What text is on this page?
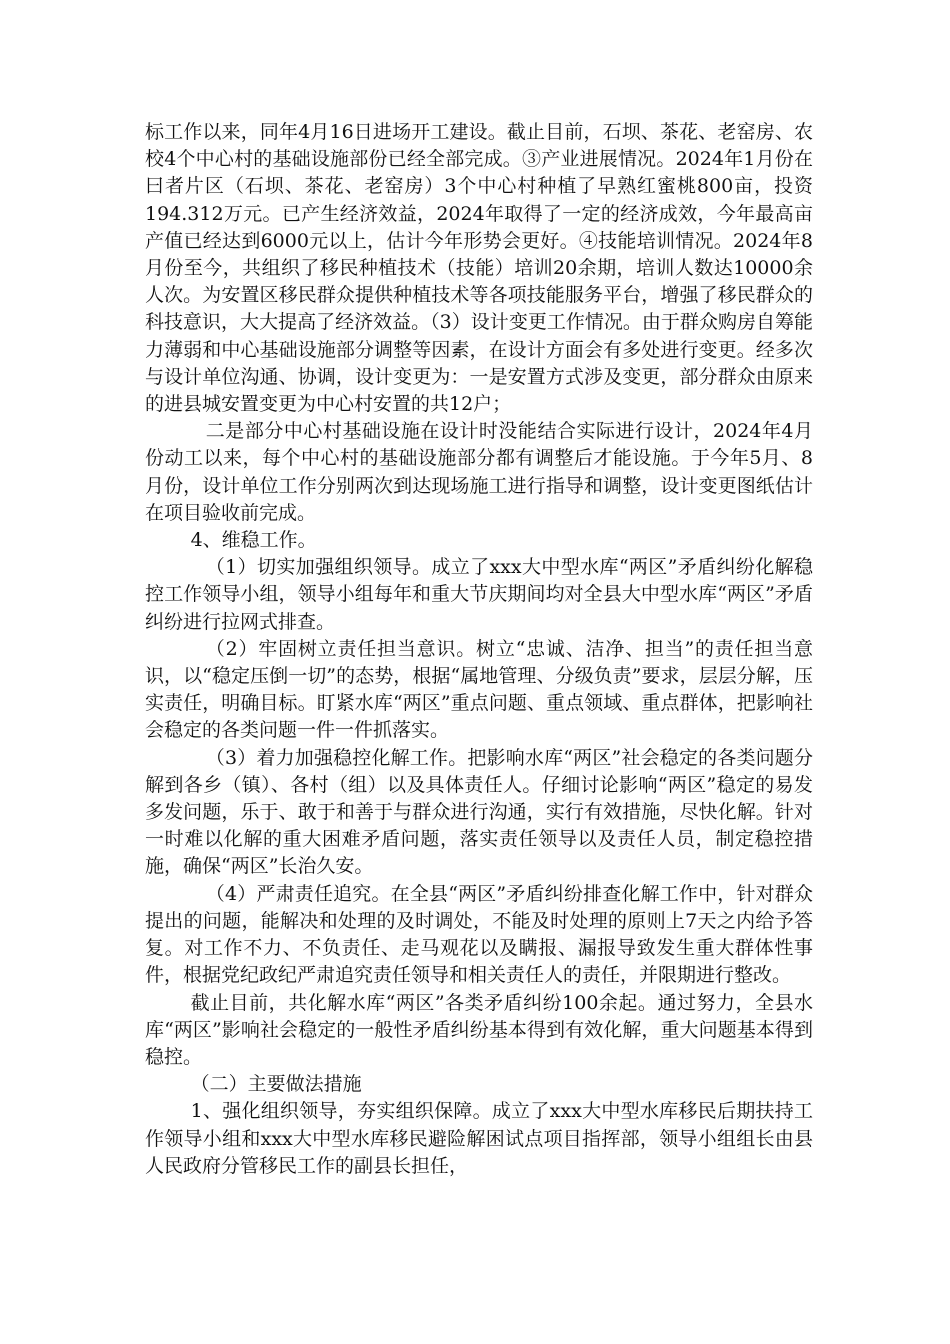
标工作以来，同年4月16日进场开工建设。截止目前，石坝、茶花、老窑房、农校4个中心村的基础设施部份已经全部完成。③产业进展情况。2024年1月份在曰者片区（石坝、茶花、老窑房）3个中心村种植了早熟红蜜桃800亩，投资194.312万元。已产生经济效益，2024年取得了一定的经济成效，今年最高亩产值已经达到6000元以上，估计今年形势会更好。④技能培训情况。2024年8月份至今，共组织了移民种植技术（技能）培训20余期，培训人数达10000余人次。为安置区移民群众提供种植技术等各项技能服务平台，增强了移民群众的科技意识，大大提高了经济效益。（3）设计变更工作情况。由于群众购房自筹能力薄弱和中心基础设施部分调整等因素，在设计方面会有多处进行变更。经多次与设计单位沟通、协调，设计变更为：一是安置方式涉及变更，部分群众由原来的进县城安置变更为中心村安置的共12户；

二是部分中心村基础设施在设计时没能结合实际进行设计，2024年4月份动工以来，每个中心村的基础设施部分都有调整后才能设施。于今年5月、8月份，设计单位工作分别两次到达现场施工进行指导和调整，设计变更图纸估计在项目验收前完成。

4、维稳工作。

（1）切实加强组织领导。成立了xxx大中型水库“两区”矛盾纠纷化解稳控工作领导小组，领导小组每年和重大节庆期间均对全县大中型水库“两区”矛盾纠纷进行拉网式排查。

（2）牢固树立责任担当意识。树立“忠诚、洁净、担当”的责任担当意识，以“稳定压倒一切”的态势，根据“属地管理、分级负责”要求，层层分解，压实责任，明确目标。盯紧水库“两区”重点问题、重点领域、重点群体，把影响社会稳定的各类问题一件一件抓落实。

（3）着力加强稳控化解工作。把影响水库“两区”社会稳定的各类问题分解到各乡（镇）、各村（组）以及具体责任人。仔细讨论影响“两区”稳定的易发多发问题，乐于、敢于和善于与群众进行沟通，实行有效措施，尽快化解。针对一时难以化解的重大困难矛盾问题，落实责任领导以及责任人员，制定稳控措施，确保“两区”长治久安。

（4）严肃责任追究。在全县“两区”矛盾纠纷排查化解工作中，针对群众提出的问题，能解决和处理的及时调处，不能及时处理的原则上7天之内给予答复。对工作不力、不负责任、走马观花以及瞒报、漏报导致发生重大群体性事件，根据党纪政纪严肃追究责任领导和相关责任人的责任，并限期进行整改。

截止目前，共化解水库“两区”各类矛盾纠纷100余起。通过努力，全县水库“两区”影响社会稳定的一般性矛盾纠纷基本得到有效化解，重大问题基本得到稳控。

（二）主要做法措施

1、强化组织领导，夯实组织保障。成立了xxx大中型水库移民后期扶持工作领导小组和xxx大中型水库移民避险解困试点项目指挥部，领导小组组长由县人民政府分管移民工作的副县长担任，
